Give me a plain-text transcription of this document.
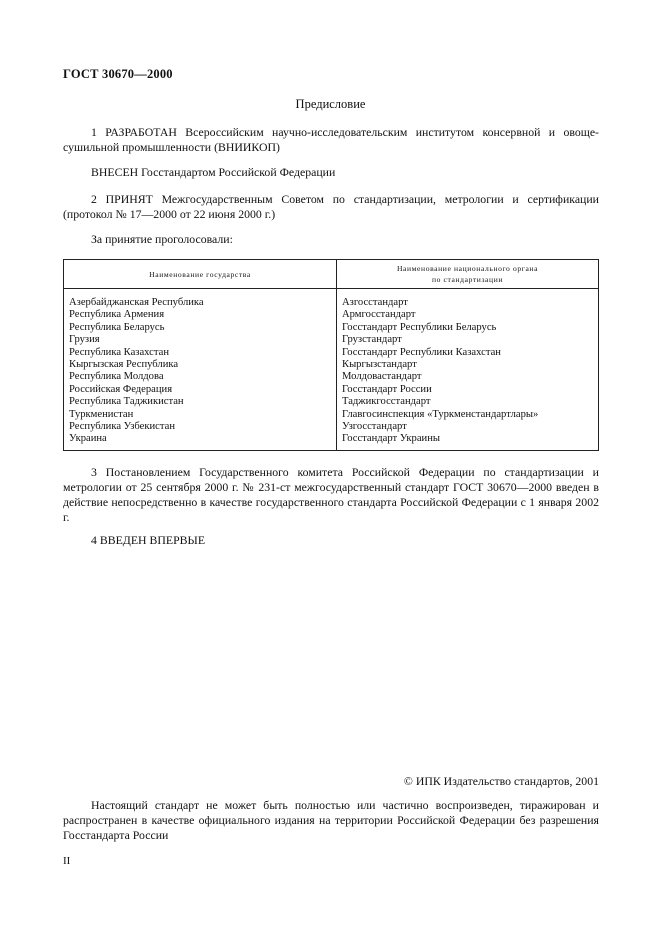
ГОСТ 30670—2000
Предисловие
1 РАЗРАБОТАН Всероссийским научно-исследовательским институтом консервной и овоще-сушильной промышленности (ВНИИКОП)
ВНЕСЕН Госстандартом Российской Федерации
2 ПРИНЯТ Межгосударственным Советом по стандартизации, метрологии и сертификации (протокол № 17—2000 от 22 июня 2000 г.)
За принятие проголосовали:
Наименование государства	Наименование национального органа
по стандартизации
Азербайджанская Республика	Азгосстандарт
Республика Армения	Армгосстандарт
Республика Беларусь	Госстандарт Республики Беларусь
Грузия	Грузстандарт
Республика Казахстан	Госстандарт Республики Казахстан
Кыргызская Республика	Кыргызстандарт
Республика Молдова	Молдовастандарт
Российская Федерация	Госстандарт России
Республика Таджикистан	Таджикгосстандарт
Туркменистан	Главгосинспекция «Туркменстандартлары»
Республика Узбекистан	Узгосстандарт
Украина	Госстандарт Украины
3 Постановлением Государственного комитета Российской Федерации по стандартизации и метрологии от 25 сентября 2000 г. № 231-ст межгосударственный стандарт ГОСТ 30670—2000 введен в действие непосредственно в качестве государственного стандарта Российской Федерации с 1 января 2002 г.
4 ВВЕДЕН ВПЕРВЫЕ
© ИПК Издательство стандартов, 2001
Настоящий стандарт не может быть полностью или частично воспроизведен, тиражирован и распространен в качестве официального издания на территории Российской Федерации без разрешения Госстандарта России
II
